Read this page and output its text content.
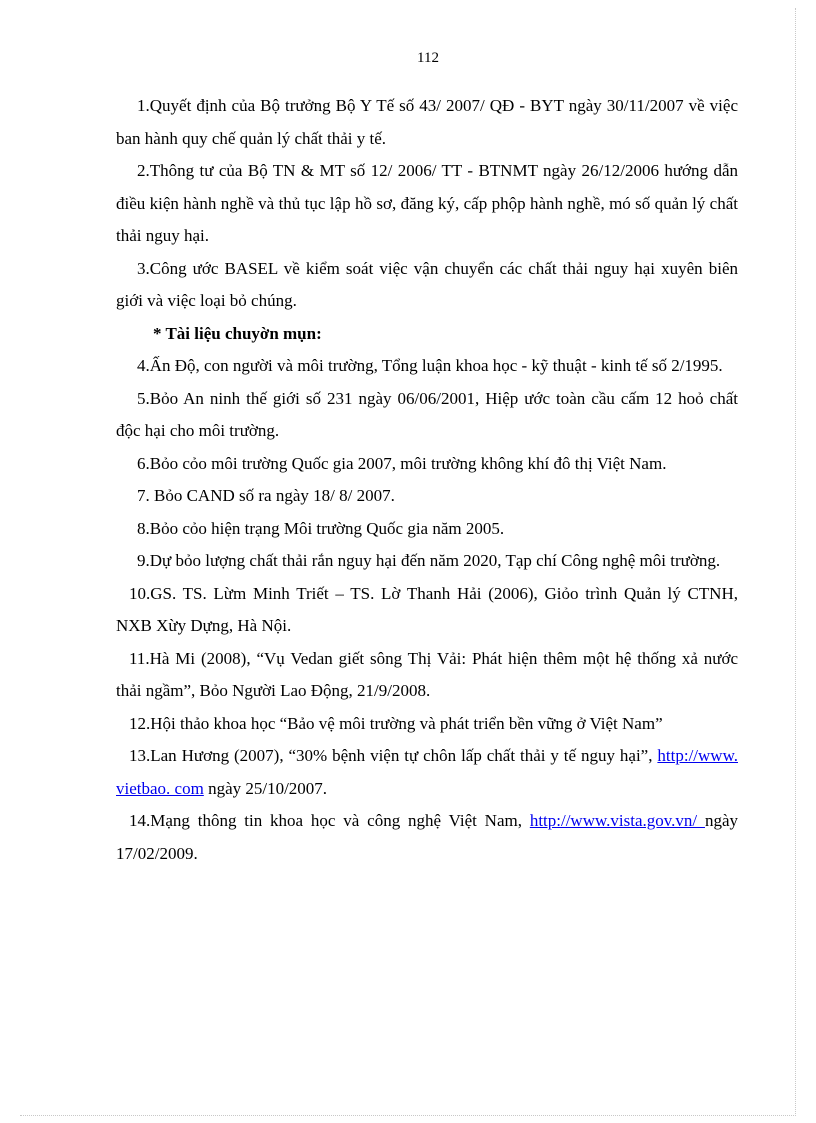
112
1.Quyết định của Bộ trưởng Bộ Y Tế số 43/ 2007/ QĐ - BYT ngày 30/11/2007 về việc ban hành quy chế quản lý chất thải y tế.
2.Thông tư của Bộ TN & MT số 12/ 2006/ TT - BTNMT ngày 26/12/2006 hướng dẫn điều kiện hành nghề và thủ tục lập hồ sơ, đăng ký, cấp phộp hành nghề, mó số quản lý chất thải nguy hại.
3.Công ước BASEL về kiểm soát việc vận chuyển các chất thải nguy hại xuyên biên giới và việc loại bỏ chúng.
* Tài liệu chuyờn mụn:
4.Ấn Độ, con người và môi trường, Tổng luận khoa học - kỹ thuật - kinh tế số 2/1995.
5.Bỏo An ninh thế giới số 231 ngày 06/06/2001, Hiệp ước toàn cầu cấm 12 hoỏ chất độc hại cho môi trường.
6.Bỏo cỏo môi trường Quốc gia 2007, môi trường không khí đô thị Việt Nam.
7. Bỏo CAND số ra ngày 18/ 8/ 2007.
8.Bỏo cỏo hiện trạng Môi trường Quốc gia năm 2005.
9.Dự bỏo lượng chất thải rắn nguy hại đến năm 2020, Tạp chí Công nghệ môi trường.
10.GS. TS. Lừm Minh Triết – TS. Lờ Thanh Hải (2006), Giỏo trình Quản lý CTNH, NXB Xừy Dựng, Hà Nội.
11.Hà Mi (2008), “Vụ Vedan giết sông Thị Vải: Phát hiện thêm một hệ thống xả nước thải ngầm”, Bỏo Người Lao Động, 21/9/2008.
12.Hội thảo khoa học “Bảo vệ môi trường và phát triển bền vững ở Việt Nam”
13.Lan Hương (2007), “30% bệnh viện tự chôn lấp chất thải y tế nguy hại”, http://www. vietbao. com ngày 25/10/2007.
14.Mạng thông tin khoa học và công nghệ Việt Nam, http://www.vista.gov.vn/ ngày 17/02/2009.
